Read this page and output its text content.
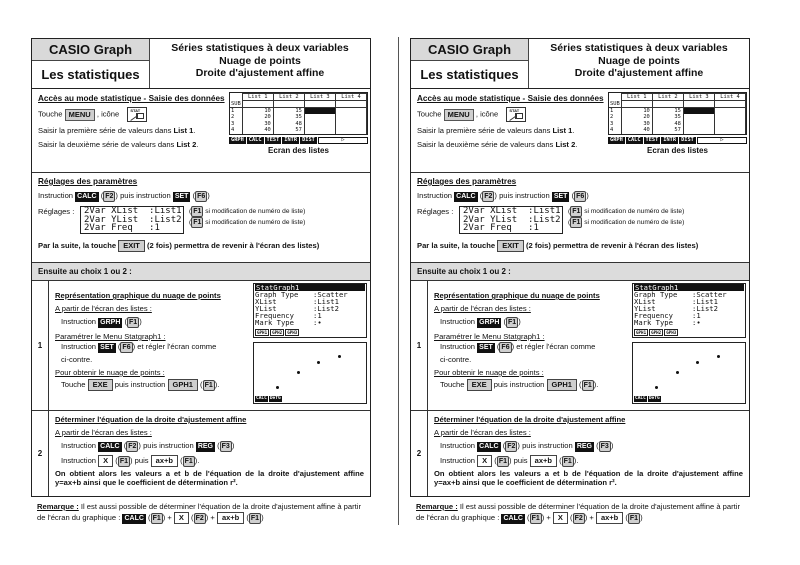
CASIO Graph
Les statistiques
Séries statistiques à deux variables
Nuage de points
Droite d'ajustement affine
Accès au mode statistique - Saisie des données
Touche MENU , icône	STAT
Saisir la première série de valeurs dans List 1.
Saisir la deuxième série de valeurs dans List 2.
	List 1	List 2	List 3	List 4
SUB				
1	10	15		
2	20	35		
3	30	48		
4	40	57		
GRPH CALC TEST INTR DIST	▷
Ecran des listes
Réglages des paramètres
Instruction CALC ( F2 ) puis instruction SET ( F6 )
Réglages :	2Var XList  :List1
2Var YList  :List2
2Var Freq   :1
( F1 si modification de numéro de liste)
( F1 si modification de numéro de liste)
Par la suite, la touche EXIT (2 fois) permettra de revenir à l'écran des listes)
Ensuite au choix 1 ou 2 :
1
Représentation graphique du nuage de points
A partir de l'écran des listes :
Instruction GRPH ( F1 )
Paramétrer le Menu Statgraph1 :
Instruction SET ( F6 ) et régler l'écran comme
ci-contre.
Pour obtenir le nuage de points :
Touche EXE puis instruction GPH1 ( F1 ).
StatGraph1
Graph Type	:Scatter
XList	:List1
YList	:List2
Frequency	:1
Mark Type	:•
GPH1	GPH2	GPH3
CALC DefG
2
Déterminer l'équation de la droite d'ajustement affine
A partir de l'écran des listes :
Instruction CALC ( F2 ) puis instruction REG ( F3 )
Instruction X ( F1 ) puis ax+b ( F1 ).
On obtient alors les valeurs a et b de l'équation de la droite d'ajustement affine y=ax+b ainsi que le coefficient de détermination r².
Remarque : Il est aussi possible de déterminer l'équation de la droite d'ajustement affine à partir de l'écran du graphique : CALC ( F1 ) + X ( F2 ) + ax+b ( F1 )
CASIO Graph
Les statistiques
Séries statistiques à deux variables
Nuage de points
Droite d'ajustement affine
Accès au mode statistique - Saisie des données
Touche MENU , icône	STAT
Saisir la première série de valeurs dans List 1.
Saisir la deuxième série de valeurs dans List 2.
	List 1	List 2	List 3	List 4
SUB				
1	10	15		
2	20	35		
3	30	48		
4	40	57		
GRPH CALC TEST INTR DIST	▷
Ecran des listes
Réglages des paramètres
Instruction CALC ( F2 ) puis instruction SET ( F6 )
Réglages :	2Var XList  :List1
2Var YList  :List2
2Var Freq   :1
( F1 si modification de numéro de liste)
( F1 si modification de numéro de liste)
Par la suite, la touche EXIT (2 fois) permettra de revenir à l'écran des listes)
Ensuite au choix 1 ou 2 :
1
Représentation graphique du nuage de points
A partir de l'écran des listes :
Instruction GRPH ( F1 )
Paramétrer le Menu Statgraph1 :
Instruction SET ( F6 ) et régler l'écran comme
ci-contre.
Pour obtenir le nuage de points :
Touche EXE puis instruction GPH1 ( F1 ).
StatGraph1
Graph Type	:Scatter
XList	:List1
YList	:List2
Frequency	:1
Mark Type	:•
GPH1	GPH2	GPH3
CALC DefG
2
Déterminer l'équation de la droite d'ajustement affine
A partir de l'écran des listes :
Instruction CALC ( F2 ) puis instruction REG ( F3 )
Instruction X ( F1 ) puis ax+b ( F1 ).
On obtient alors les valeurs a et b de l'équation de la droite d'ajustement affine y=ax+b ainsi que le coefficient de détermination r².
Remarque : Il est aussi possible de déterminer l'équation de la droite d'ajustement affine à partir de l'écran du graphique : CALC ( F1 ) + X ( F2 ) + ax+b ( F1 )
